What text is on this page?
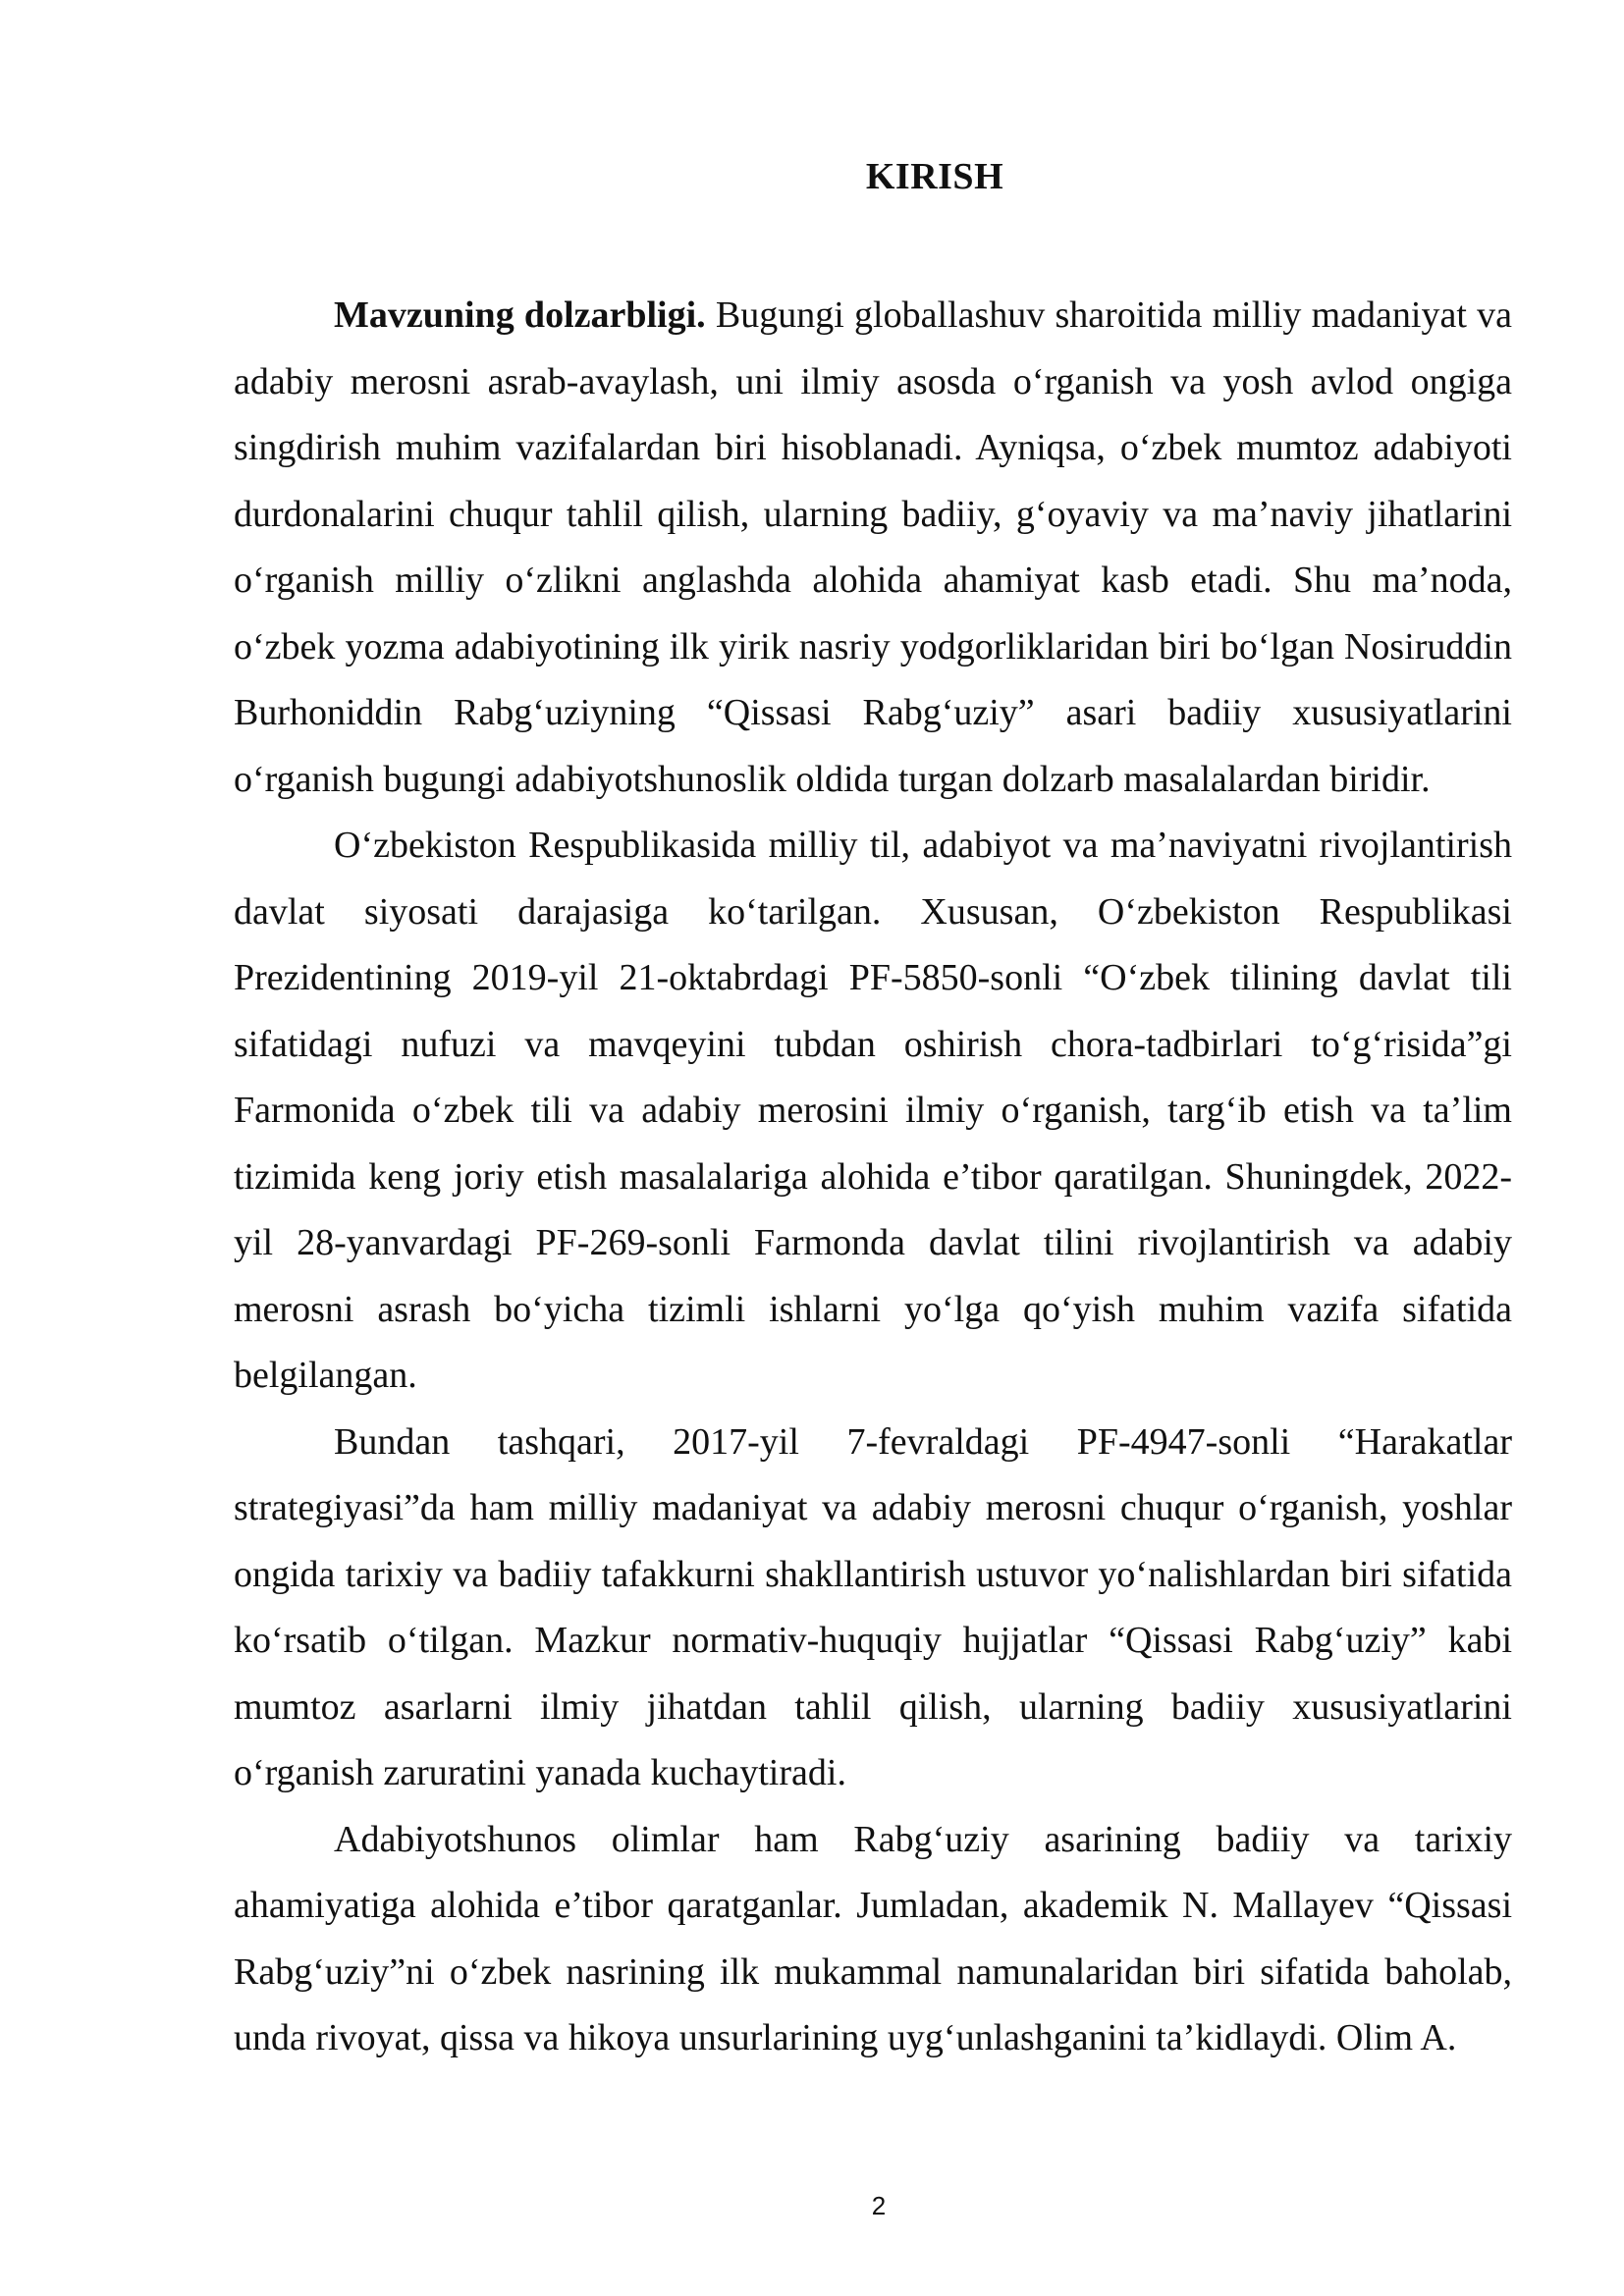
KIRISH

Mavzuning dolzarbligi. Bugungi globallashuv sharoitida milliy madaniyat va adabiy merosni asrab-avaylash, uni ilmiy asosda o‘rganish va yosh avlod ongiga singdirish muhim vazifalardan biri hisoblanadi. Ayniqsa, o‘zbek mumtoz adabiyoti durdonalarini chuqur tahlil qilish, ularning badiiy, g‘oyaviy va ma’naviy jihatlarini o‘rganish milliy o‘zlikni anglashda alohida ahamiyat kasb etadi. Shu ma’noda, o‘zbek yozma adabiyotining ilk yirik nasriy yodgorliklaridan biri bo‘lgan Nosiruddin Burhoniddin Rabg‘uziyning “Qissasi Rabg‘uziy” asari badiiy xususiyatlarini o‘rganish bugungi adabiyotshunoslik oldida turgan dolzarb masalalardan biridir.

O‘zbekiston Respublikasida milliy til, adabiyot va ma’naviyatni rivojlantirish davlat siyosati darajasiga ko‘tarilgan. Xususan, O‘zbekiston Respublikasi Prezidentining 2019-yil 21-oktabrdagi PF-5850-sonli “O‘zbek tilining davlat tili sifatidagi nufuzi va mavqeyini tubdan oshirish chora-tadbirlari to‘g‘risida”gi Farmonida o‘zbek tili va adabiy merosini ilmiy o‘rganish, targ‘ib etish va ta’lim tizimida keng joriy etish masalalariga alohida e’tibor qaratilgan. Shuningdek, 2022-yil 28-yanvardagi PF-269-sonli Farmonda davlat tilini rivojlantirish va adabiy merosni asrash bo‘yicha tizimli ishlarni yo‘lga qo‘yish muhim vazifa sifatida belgilangan.

Bundan tashqari, 2017-yil 7-fevraldagi PF-4947-sonli “Harakatlar strategiyasi”da ham milliy madaniyat va adabiy merosni chuqur o‘rganish, yoshlar ongida tarixiy va badiiy tafakkurni shakllantirish ustuvor yo‘nalishlardan biri sifatida ko‘rsatib o‘tilgan. Mazkur normativ-huquqiy hujjatlar “Qissasi Rabg‘uziy” kabi mumtoz asarlarni ilmiy jihatdan tahlil qilish, ularning badiiy xususiyatlarini o‘rganish zaruratini yanada kuchaytiradi.

Adabiyotshunos olimlar ham Rabg‘uziy asarining badiiy va tarixiy ahamiyatiga alohida e’tibor qaratganlar. Jumladan, akademik N. Mallayev “Qissasi Rabg‘uziy”ni o‘zbek nasrining ilk mukammal namunalaridan biri sifatida baholab, unda rivoyat, qissa va hikoya unsurlarining uyg‘unlashganini ta’kidlaydi. Olim A.

2
